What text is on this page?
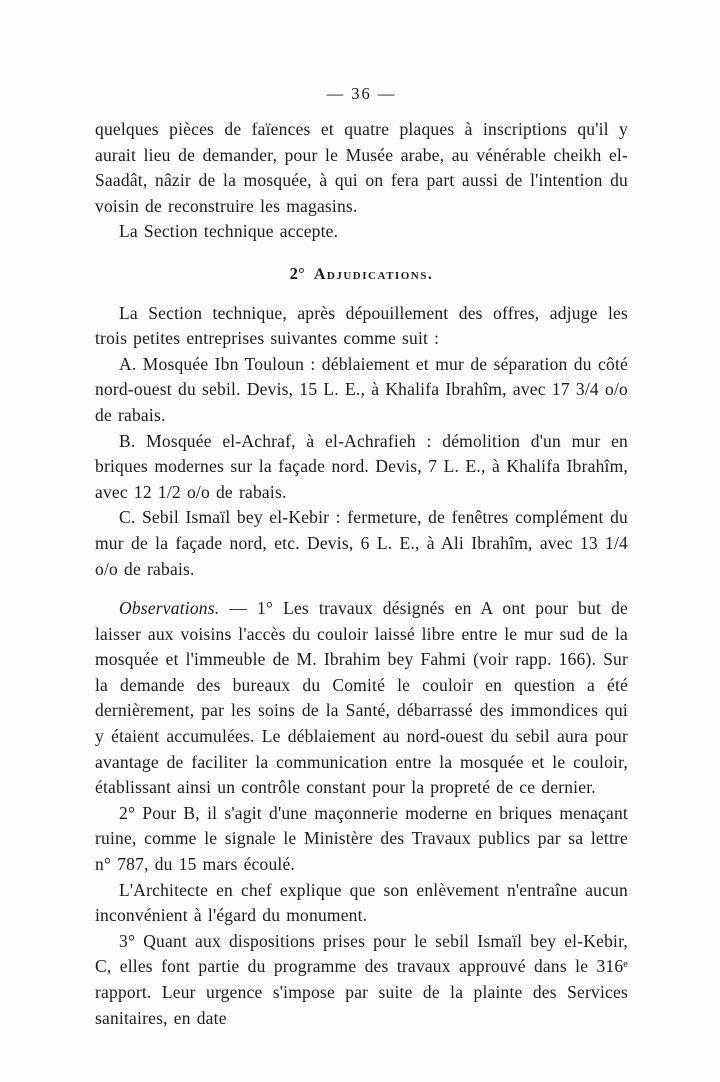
— 36 —

quelques pièces de faïences et quatre plaques à inscriptions qu'il y aurait lieu de demander, pour le Musée arabe, au vénérable cheikh el-Saadât, nâzir de la mosquée, à qui on fera part aussi de l'intention du voisin de reconstruire les magasins.

La Section technique accepte.

2°  Adjudications.

La Section technique, après dépouillement des offres, adjuge les trois petites entreprises suivantes comme suit :

A. Mosquée Ibn Touloun : déblaiement et mur de séparation du côté nord-ouest du sebil. Devis, 15 L. E., à Khalifa Ibrahîm, avec 17 3/4 o/o de rabais.

B. Mosquée el-Achraf, à el-Achrafieh : démolition d'un mur en briques modernes sur la façade nord. Devis, 7 L. E., à Khalifa Ibrahîm, avec 12 1/2 o/o de rabais.

C. Sebil Ismaïl bey el-Kebir : fermeture, de fenêtres complément du mur de la façade nord, etc. Devis, 6 L. E., à Ali Ibrahîm, avec 13 1/4 o/o de rabais.

Observations. — 1° Les travaux désignés en A ont pour but de laisser aux voisins l'accès du couloir laissé libre entre le mur sud de la mosquée et l'immeuble de M. Ibrahim bey Fahmi (voir rapp. 166). Sur la demande des bureaux du Comité le couloir en question a été dernièrement, par les soins de la Santé, débarrassé des immondices qui y étaient accumulées. Le déblaiement au nord-ouest du sebil aura pour avantage de faciliter la communication entre la mosquée et le couloir, établissant ainsi un contrôle constant pour la propreté de ce dernier.

2° Pour B, il s'agit d'une maçonnerie moderne en briques menaçant ruine, comme le signale le Ministère des Travaux publics par sa lettre n° 787, du 15 mars écoulé.

L'Architecte en chef explique que son enlèvement n'entraîne aucun inconvénient à l'égard du monument.

3° Quant aux dispositions prises pour le sebil Ismaïl bey el-Kebir, C, elles font partie du programme des travaux approuvé dans le 316ᵉ rapport. Leur urgence s'impose par suite de la plainte des Services sanitaires, en date
